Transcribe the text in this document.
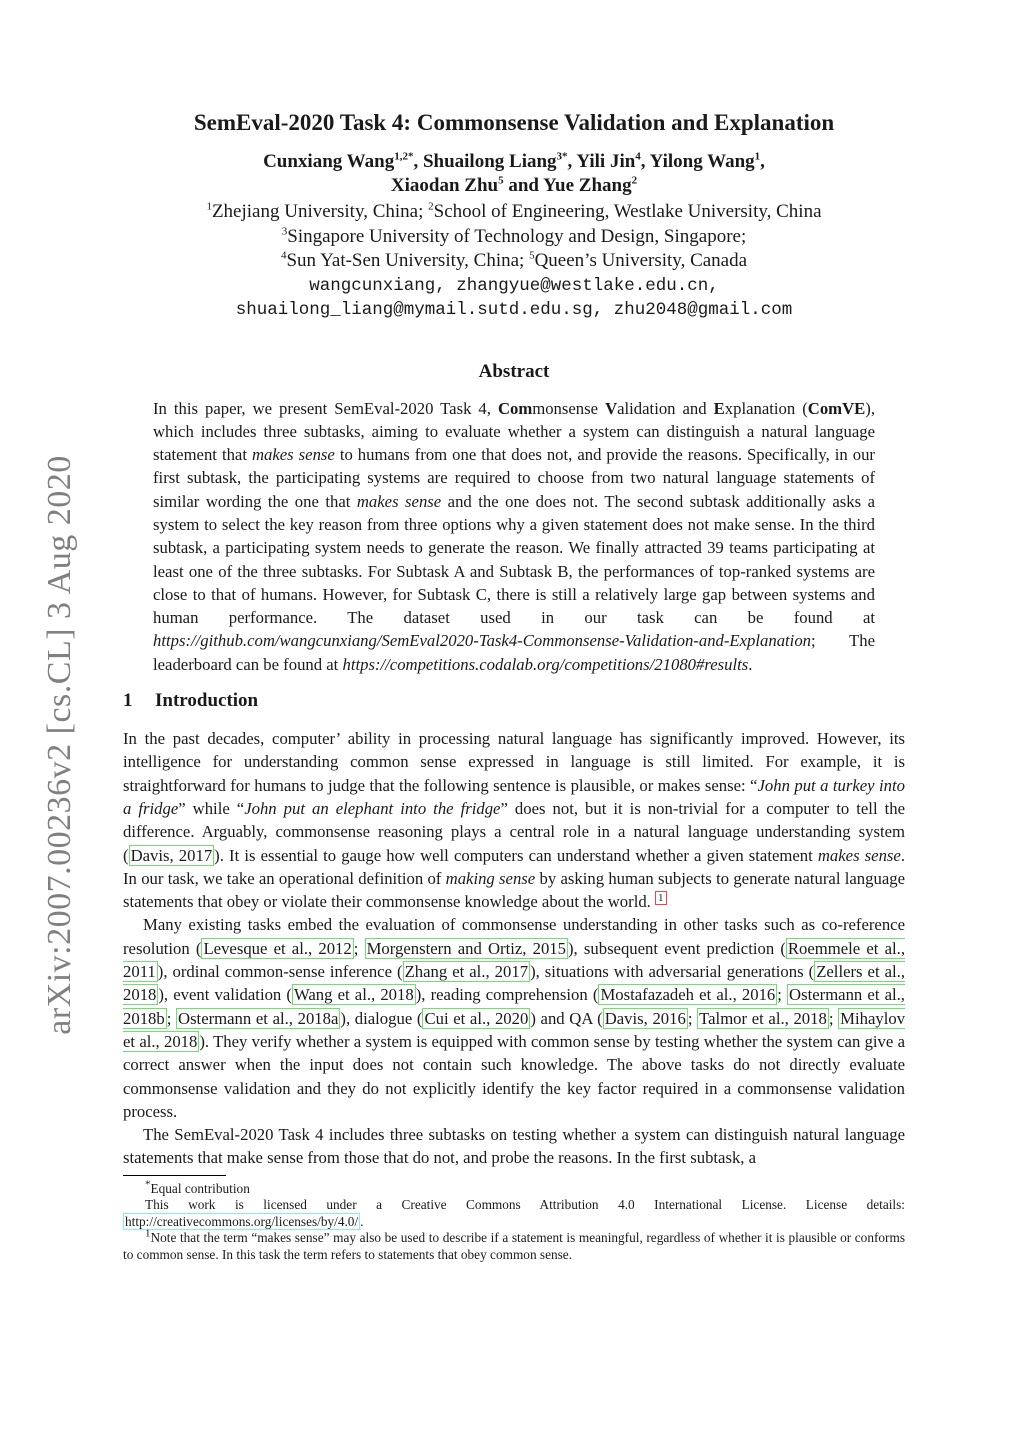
arXiv:2007.00236v2 [cs.CL] 3 Aug 2020
SemEval-2020 Task 4: Commonsense Validation and Explanation
Cunxiang Wang$^{1,2*}$, Shuailong Liang$^{3*}$, Yili Jin$^4$, Yilong Wang$^1$,
Xiaodan Zhu$^5$ and Yue Zhang$^2$
$^1$Zhejiang University, China; $^2$School of Engineering, Westlake University, China
$^3$Singapore University of Technology and Design, Singapore;
$^4$Sun Yat-Sen University, China; $^5$Queen’s University, Canada
wangcunxiang, zhangyue@westlake.edu.cn,
shuailong_liang@mymail.sutd.edu.sg, zhu2048@gmail.com
Abstract
In this paper, we present SemEval-2020 Task 4, Commonsense Validation and Explanation (ComVE), which includes three subtasks, aiming to evaluate whether a system can distinguish a natural language statement that makes sense to humans from one that does not, and provide the reasons. Specifically, in our first subtask, the participating systems are required to choose from two natural language statements of similar wording the one that makes sense and the one does not. The second subtask additionally asks a system to select the key reason from three options why a given statement does not make sense. In the third subtask, a participating system needs to generate the reason. We finally attracted 39 teams participating at least one of the three subtasks. For Subtask A and Subtask B, the performances of top-ranked systems are close to that of humans. However, for Subtask C, there is still a relatively large gap between systems and human performance. The dataset used in our task can be found at https://github.com/wangcunxiang/SemEval2020-Task4-Commonsense-Validation-and-Explanation; The leaderboard can be found at https://competitions.codalab.org/competitions/21080#results.
1 Introduction

In the past decades, computer’ ability in processing natural language has significantly improved. However, its intelligence for understanding common sense expressed in language is still limited. For example, it is straightforward for humans to judge that the following sentence is plausible, or makes sense: “John put a turkey into a fridge” while “John put an elephant into the fridge” does not, but it is non-trivial for a computer to tell the difference. Arguably, commonsense reasoning plays a central role in a natural language understanding system ( Davis, 2017 ). It is essential to gauge how well computers can understand whether a given statement makes sense. In our task, we take an operational definition of making sense by asking human subjects to generate natural language statements that obey or violate their commonsense knowledge about the world. $^1$

Many existing tasks embed the evaluation of commonsense understanding in other tasks such as co-reference resolution ( Levesque et al., 2012 ; Morgenstern and Ortiz, 2015 ), subsequent event prediction ( Roemmele et al., 2011 ), ordinal common-sense inference ( Zhang et al., 2017 ), situations with adversarial generations ( Zellers et al., 2018 ), event validation ( Wang et al., 2018 ), reading comprehension ( Mostafazadeh et al., 2016 ; Ostermann et al., 2018b ; Ostermann et al., 2018a ), dialogue ( Cui et al., 2020 ) and QA ( Davis, 2016 ; Talmor et al., 2018 ; Mihaylov et al., 2018 ). They verify whether a system is equipped with common sense by testing whether the system can give a correct answer when the input does not contain such knowledge. The above tasks do not directly evaluate commonsense validation and they do not explicitly identify the key factor required in a commonsense validation process.

The SemEval-2020 Task 4 includes three subtasks on testing whether a system can distinguish natural language statements that make sense from those that do not, and probe the reasons. In the first subtask, a

*Equal contribution

This work is licensed under a Creative Commons Attribution 4.0 International License. License details: http://creativecommons.org/licenses/by/4.0/ .

$^1$Note that the term “makes sense” may also be used to describe if a statement is meaningful, regardless of whether it is plausible or conforms to common sense. In this task the term refers to statements that obey common sense.
